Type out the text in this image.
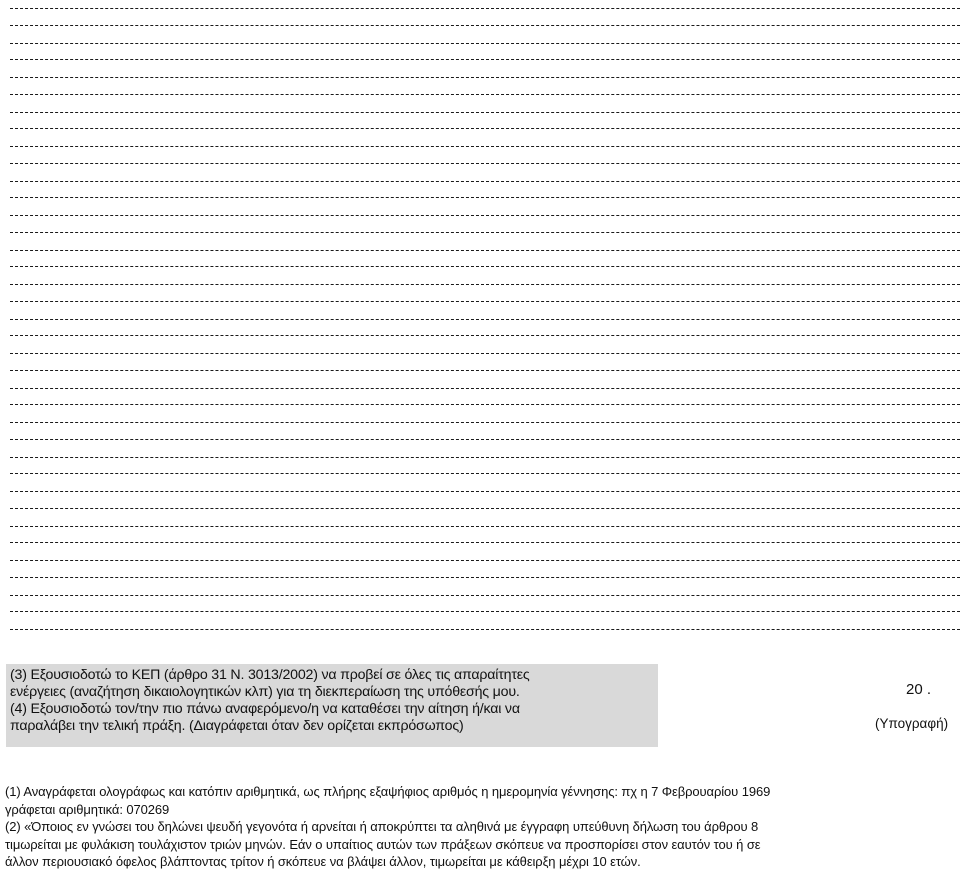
(3) Εξουσιοδοτώ το ΚΕΠ (άρθρο 31 Ν. 3013/2002) να προβεί σε όλες τις απαραίτητες

ενέργειες (αναζήτηση δικαιολογητικών κλπ) για τη διεκπεραίωση της υπόθεσής μου.

(4) Εξουσιοδοτώ τον/την πιο πάνω αναφερόμενο/η να καταθέσει την αίτηση ή/και να

παραλάβει την τελική πράξη. (Διαγράφεται όταν δεν ορίζεται εκπρόσωπος)

20 .
(Υπογραφή)

(1) Αναγράφεται ολογράφως και κατόπιν αριθμητικά, ως πλήρης εξαψήφιος αριθμός η ημερομηνία γέννησης: πχ η 7 Φεβρουαρίου 1969

γράφεται αριθμητικά: 070269

(2) «Όποιος εν γνώσει του δηλώνει ψευδή γεγονότα ή αρνείται ή αποκρύπτει τα αληθινά με έγγραφη υπεύθυνη δήλωση του άρθρου 8

τιμωρείται με φυλάκιση τουλάχιστον τριών μηνών. Εάν ο υπαίτιος αυτών των πράξεων σκόπευε να προσπορίσει στον εαυτόν του ή σε

άλλον περιουσιακό όφελος βλάπτοντας τρίτον ή σκόπευε να βλάψει άλλον, τιμωρείται με κάθειρξη μέχρι 10 ετών.
